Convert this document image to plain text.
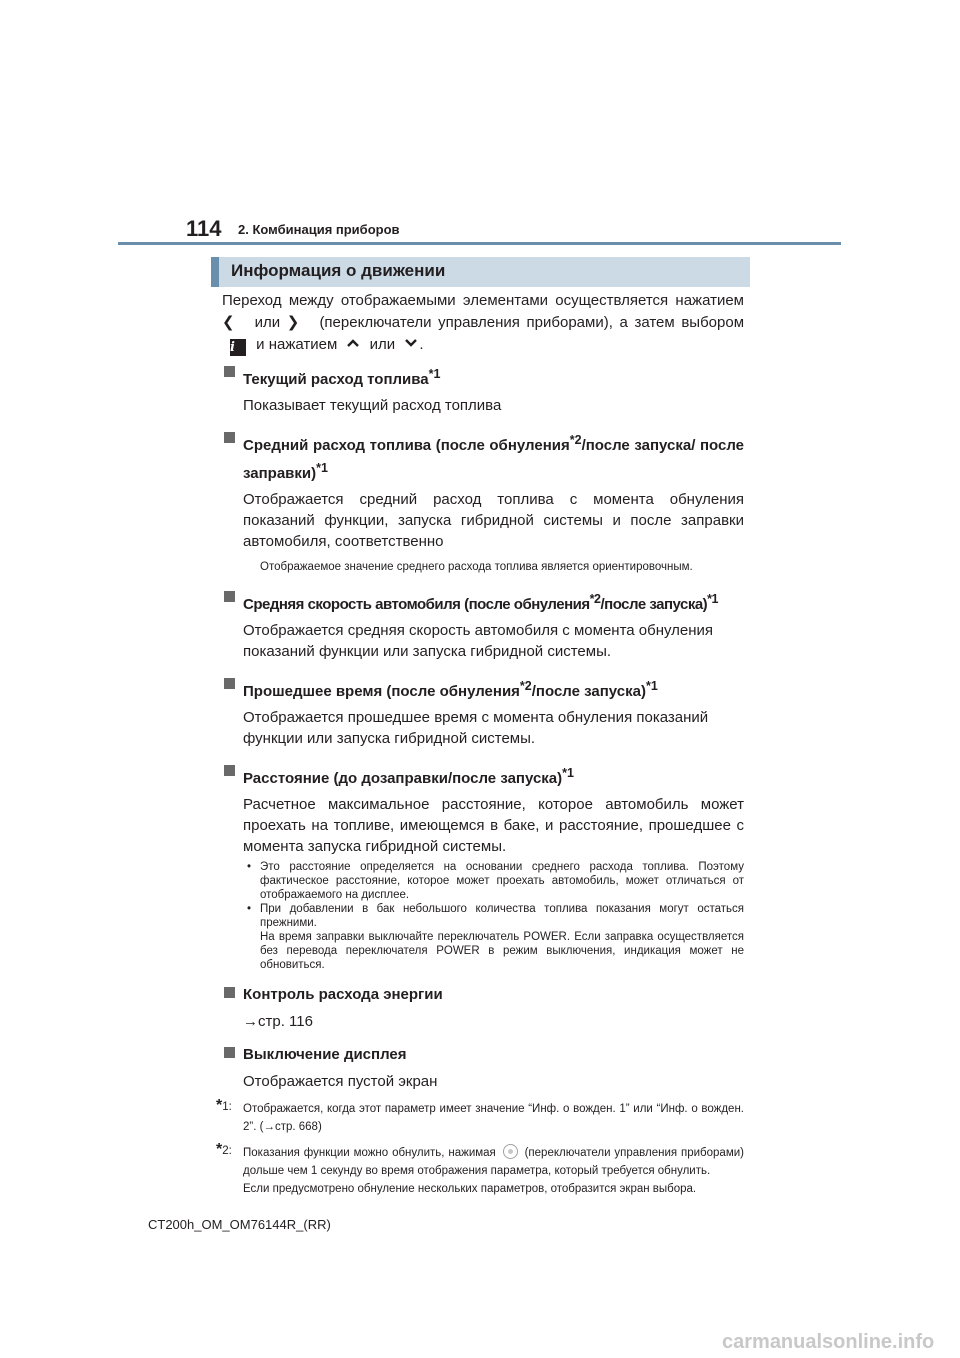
114 2. Комбинация приборов
Информация о движении

Переход между отображаемыми элементами осуществляется нажатием ❮ или ❯ (переключатели управления приборами), а затем выбором i и нажатием или .

Текущий расход топлива$^{*1}$

Показывает текущий расход топлива

Средний расход топлива (после обнуления$^{*2}$/после запуска/ после заправки)$^{*1}$

Отображается средний расход топлива с момента обнуления показаний функции, запуска гибридной системы и после заправки автомобиля, соответственно

Отображаемое значение среднего расхода топлива является ориентировочным.

Средняя скорость автомобиля (после обнуления$^{*2}$/после запуска)$^{*1}$

Отображается средняя скорость автомобиля с момента обнуления показаний функции или запуска гибридной системы.

Прошедшее время (после обнуления$^{*2}$/после запуска)$^{*1}$

Отображается прошедшее время с момента обнуления показаний функции или запуска гибридной системы.

Расстояние (до дозаправки/после запуска)$^{*1}$

Расчетное максимальное расстояние, которое автомобиль может проехать на топливе, имеющемся в баке, и расстояние, прошедшее с момента запуска гибридной системы.

• Это расстояние определяется на основании среднего расхода топлива. Поэтому фактическое расстояние, которое может проехать автомобиль, может отличаться от отображаемого на дисплее.
• При добавлении в бак небольшого количества топлива показания могут остаться прежними.
На время заправки выключайте переключатель POWER. Если заправка осуществляется без перевода переключателя POWER в режим выключения, индикация может не обновиться.
Контроль расхода энергии

→стр. 116

Выключение дисплея

Отображается пустой экран

*1: Отображается, когда этот параметр имеет значение “Инф. о вожден. 1” или “Инф. о вожден. 2”. (→стр. 668)
*2: Показания функции можно обнулить, нажимая	(переключатели управления приборами) дольше чем 1 секунду во время отображения параметра, который требуется обнулить.
Если предусмотрено обнуление нескольких параметров, отобразится экран выбора.
CT200h_OM_OM76144R_(RR)
carmanualsonline.info
